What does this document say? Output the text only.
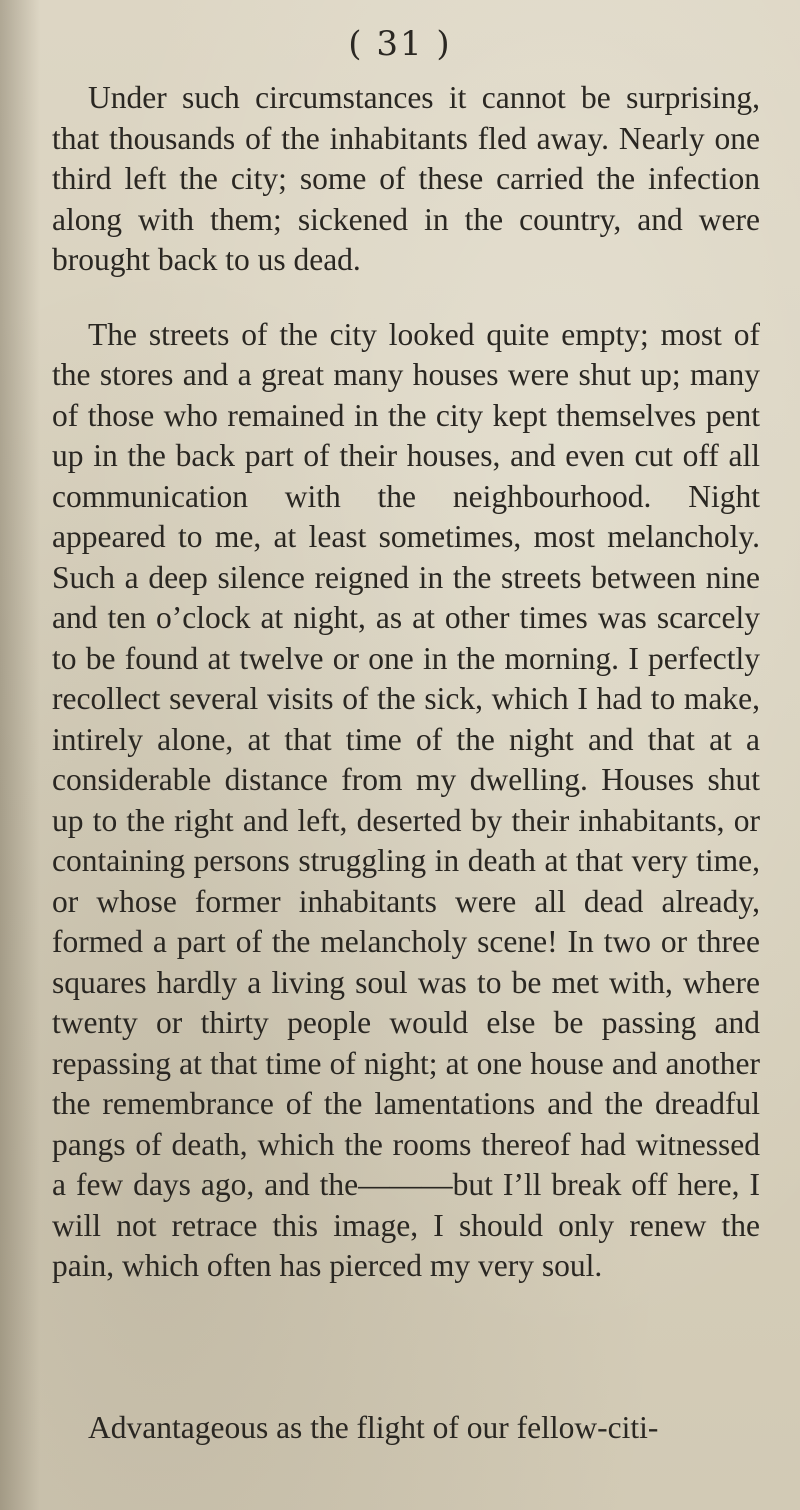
( 31 )

Under such circumstances it cannot be surprising, that thousands of the inhabitants fled away. Nearly one third left the city; some of these carried the infection along with them; sickened in the country, and were brought back to us dead.

The streets of the city looked quite empty; most of the stores and a great many houses were shut up; many of those who remained in the city kept themselves pent up in the back part of their houses, and even cut off all communication with the neighbourhood. Night appeared to me, at least sometimes, most melancholy. Such a deep silence reigned in the streets between nine and ten o’clock at night, as at other times was scarcely to be found at twelve or one in the morning. I perfectly recollect several visits of the sick, which I had to make, intirely alone, at that time of the night and that at a considerable distance from my dwelling. Houses shut up to the right and left, deserted by their inhabitants, or containing persons struggling in death at that very time, or whose former inhabitants were all dead already, formed a part of the melancholy scene! In two or three squares hardly a living soul was to be met with, where twenty or thirty people would else be passing and repassing at that time of night; at one house and another the remembrance of the lamentations and the dreadful pangs of death, which the rooms thereof had witnessed a few days ago, and the———but I’ll break off here, I will not retrace this image, I should only renew the pain, which often has pierced my very soul.

Advantageous as the flight of our fellow-citi-
